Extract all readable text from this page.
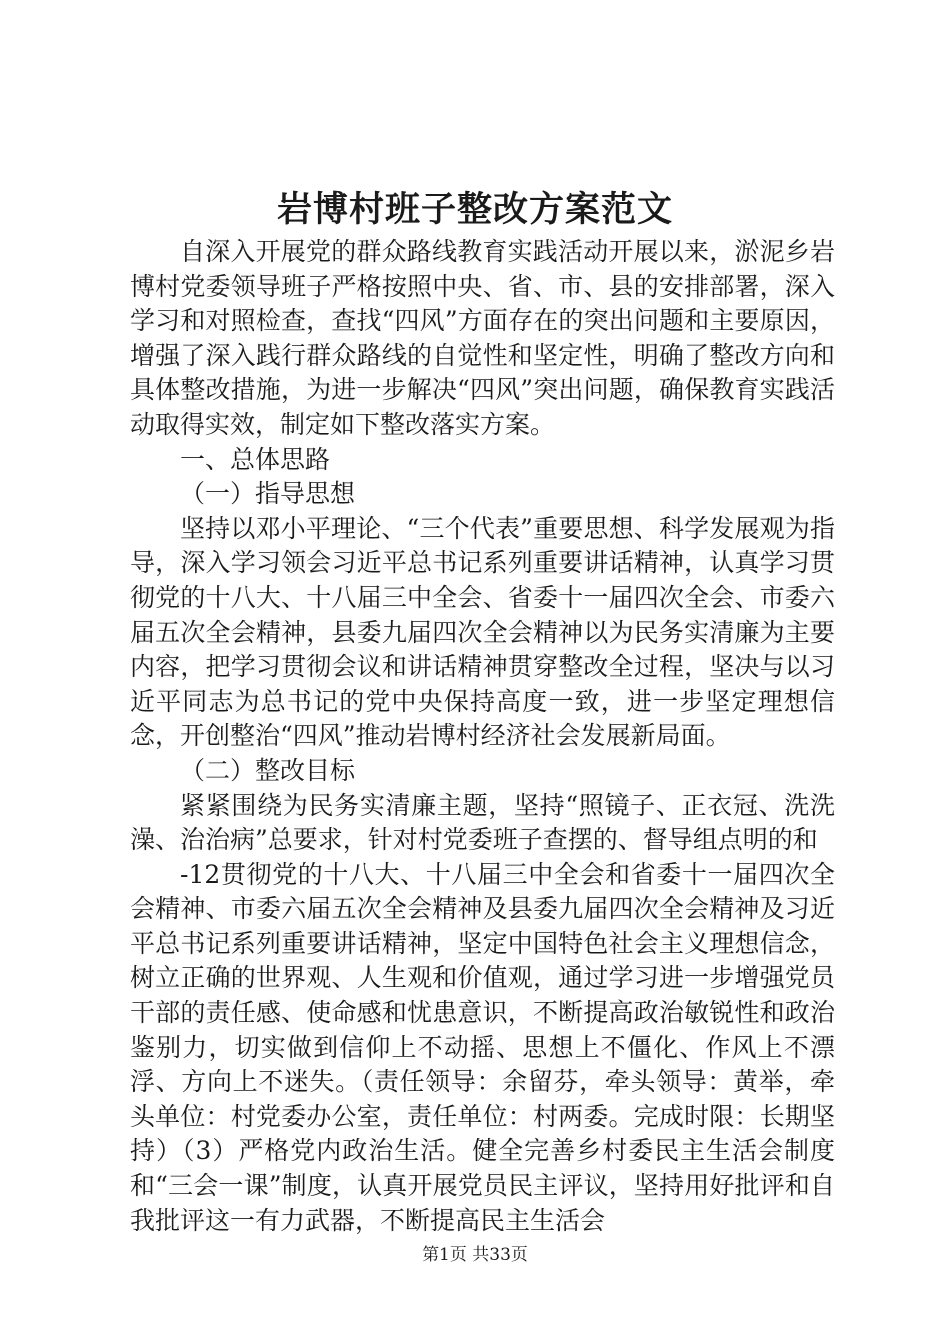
岩博村班子整改方案范文

自深入开展党的群众路线教育实践活动开展以来，淤泥乡岩博村党委领导班子严格按照中央、省、市、县的安排部署，深入学习和对照检查，查找“四风”方面存在的突出问题和主要原因，增强了深入践行群众路线的自觉性和坚定性，明确了整改方向和具体整改措施，为进一步解决“四风”突出问题，确保教育实践活动取得实效，制定如下整改落实方案。

一、总体思路

（一）指导思想

坚持以邓小平理论、“三个代表”重要思想、科学发展观为指导，深入学习领会习近平总书记系列重要讲话精神，认真学习贯彻党的十八大、十八届三中全会、省委十一届四次全会、市委六届五次全会精神，县委九届四次全会精神以为民务实清廉为主要内容，把学习贯彻会议和讲话精神贯穿整改全过程，坚决与以习近平同志为总书记的党中央保持高度一致，进一步坚定理想信念，开创整治“四风”推动岩博村经济社会发展新局面。

（二）整改目标

紧紧围绕为民务实清廉主题，坚持“照镜子、正衣冠、洗洗澡、治治病”总要求，针对村党委班子查摆的、督导组点明的和

-12贯彻党的十八大、十八届三中全会和省委十一届四次全会精神、市委六届五次全会精神及县委九届四次全会精神及习近平总书记系列重要讲话精神，坚定中国特色社会主义理想信念，树立正确的世界观、人生观和价值观，通过学习进一步增强党员干部的责任感、使命感和忧患意识，不断提高政治敏锐性和政治鉴别力，切实做到信仰上不动摇、思想上不僵化、作风上不漂浮、方向上不迷失。（责任领导：余留芬，牵头领导：黄举，牵头单位：村党委办公室，责任单位：村两委。完成时限：长期坚持）（3）严格党内政治生活。健全完善乡村委民主生活会制度和“三会一课”制度，认真开展党员民主评议，坚持用好批评和自我批评这一有力武器，不断提高民主生活会

第1页 共33页
